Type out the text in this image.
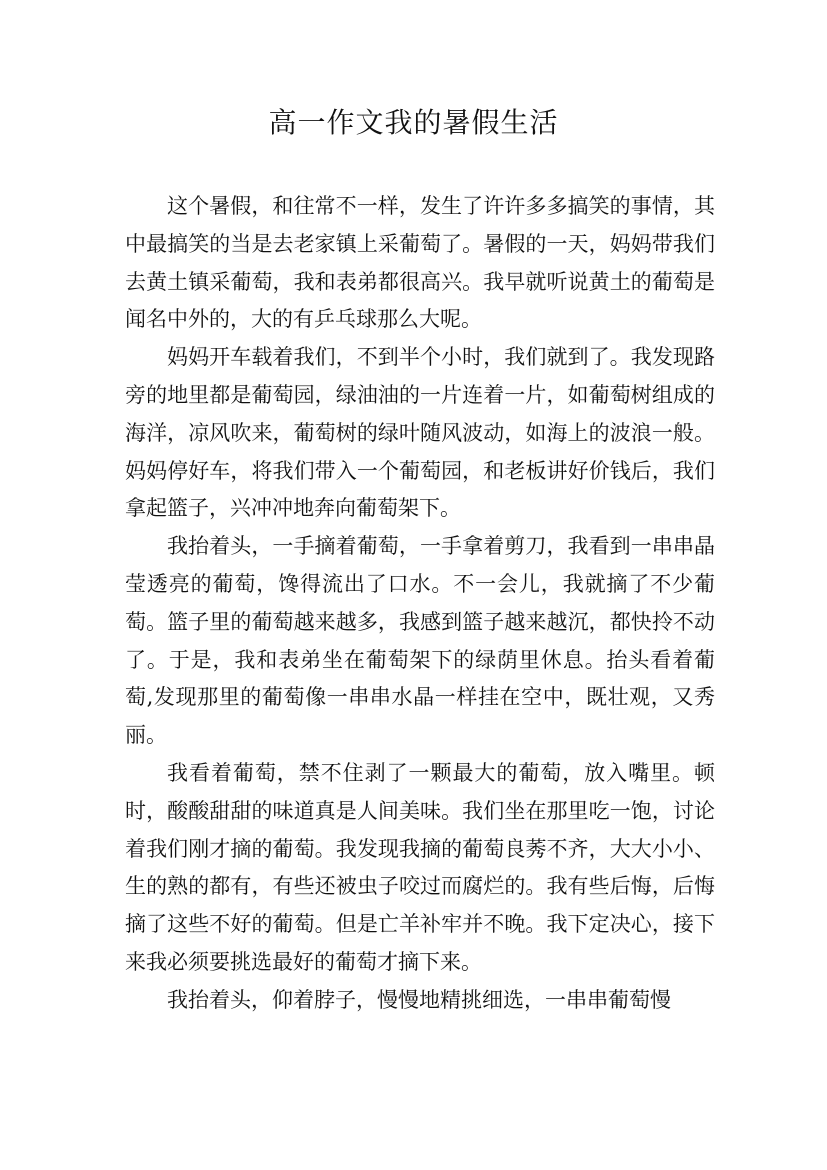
高一作文我的暑假生活

这个暑假，和往常不一样，发生了许许多多搞笑的事情，其中最搞笑的当是去老家镇上采葡萄了。暑假的一天，妈妈带我们去黄土镇采葡萄，我和表弟都很高兴。我早就听说黄土的葡萄是闻名中外的，大的有乒乓球那么大呢。

妈妈开车载着我们，不到半个小时，我们就到了。我发现路旁的地里都是葡萄园，绿油油的一片连着一片，如葡萄树组成的海洋，凉风吹来，葡萄树的绿叶随风波动，如海上的波浪一般。妈妈停好车，将我们带入一个葡萄园，和老板讲好价钱后，我们拿起篮子，兴冲冲地奔向葡萄架下。

我抬着头，一手摘着葡萄，一手拿着剪刀，我看到一串串晶莹透亮的葡萄，馋得流出了口水。不一会儿，我就摘了不少葡萄。篮子里的葡萄越来越多，我感到篮子越来越沉，都快拎不动了。于是，我和表弟坐在葡萄架下的绿荫里休息。抬头看着葡萄,发现那里的葡萄像一串串水晶一样挂在空中，既壮观，又秀丽。

我看着葡萄，禁不住剥了一颗最大的葡萄，放入嘴里。顿时，酸酸甜甜的味道真是人间美味。我们坐在那里吃一饱，讨论着我们刚才摘的葡萄。我发现我摘的葡萄良莠不齐，大大小小、生的熟的都有，有些还被虫子咬过而腐烂的。我有些后悔，后悔摘了这些不好的葡萄。但是亡羊补牢并不晚。我下定决心，接下来我必须要挑选最好的葡萄才摘下来。

我抬着头，仰着脖子，慢慢地精挑细选，一串串葡萄慢
